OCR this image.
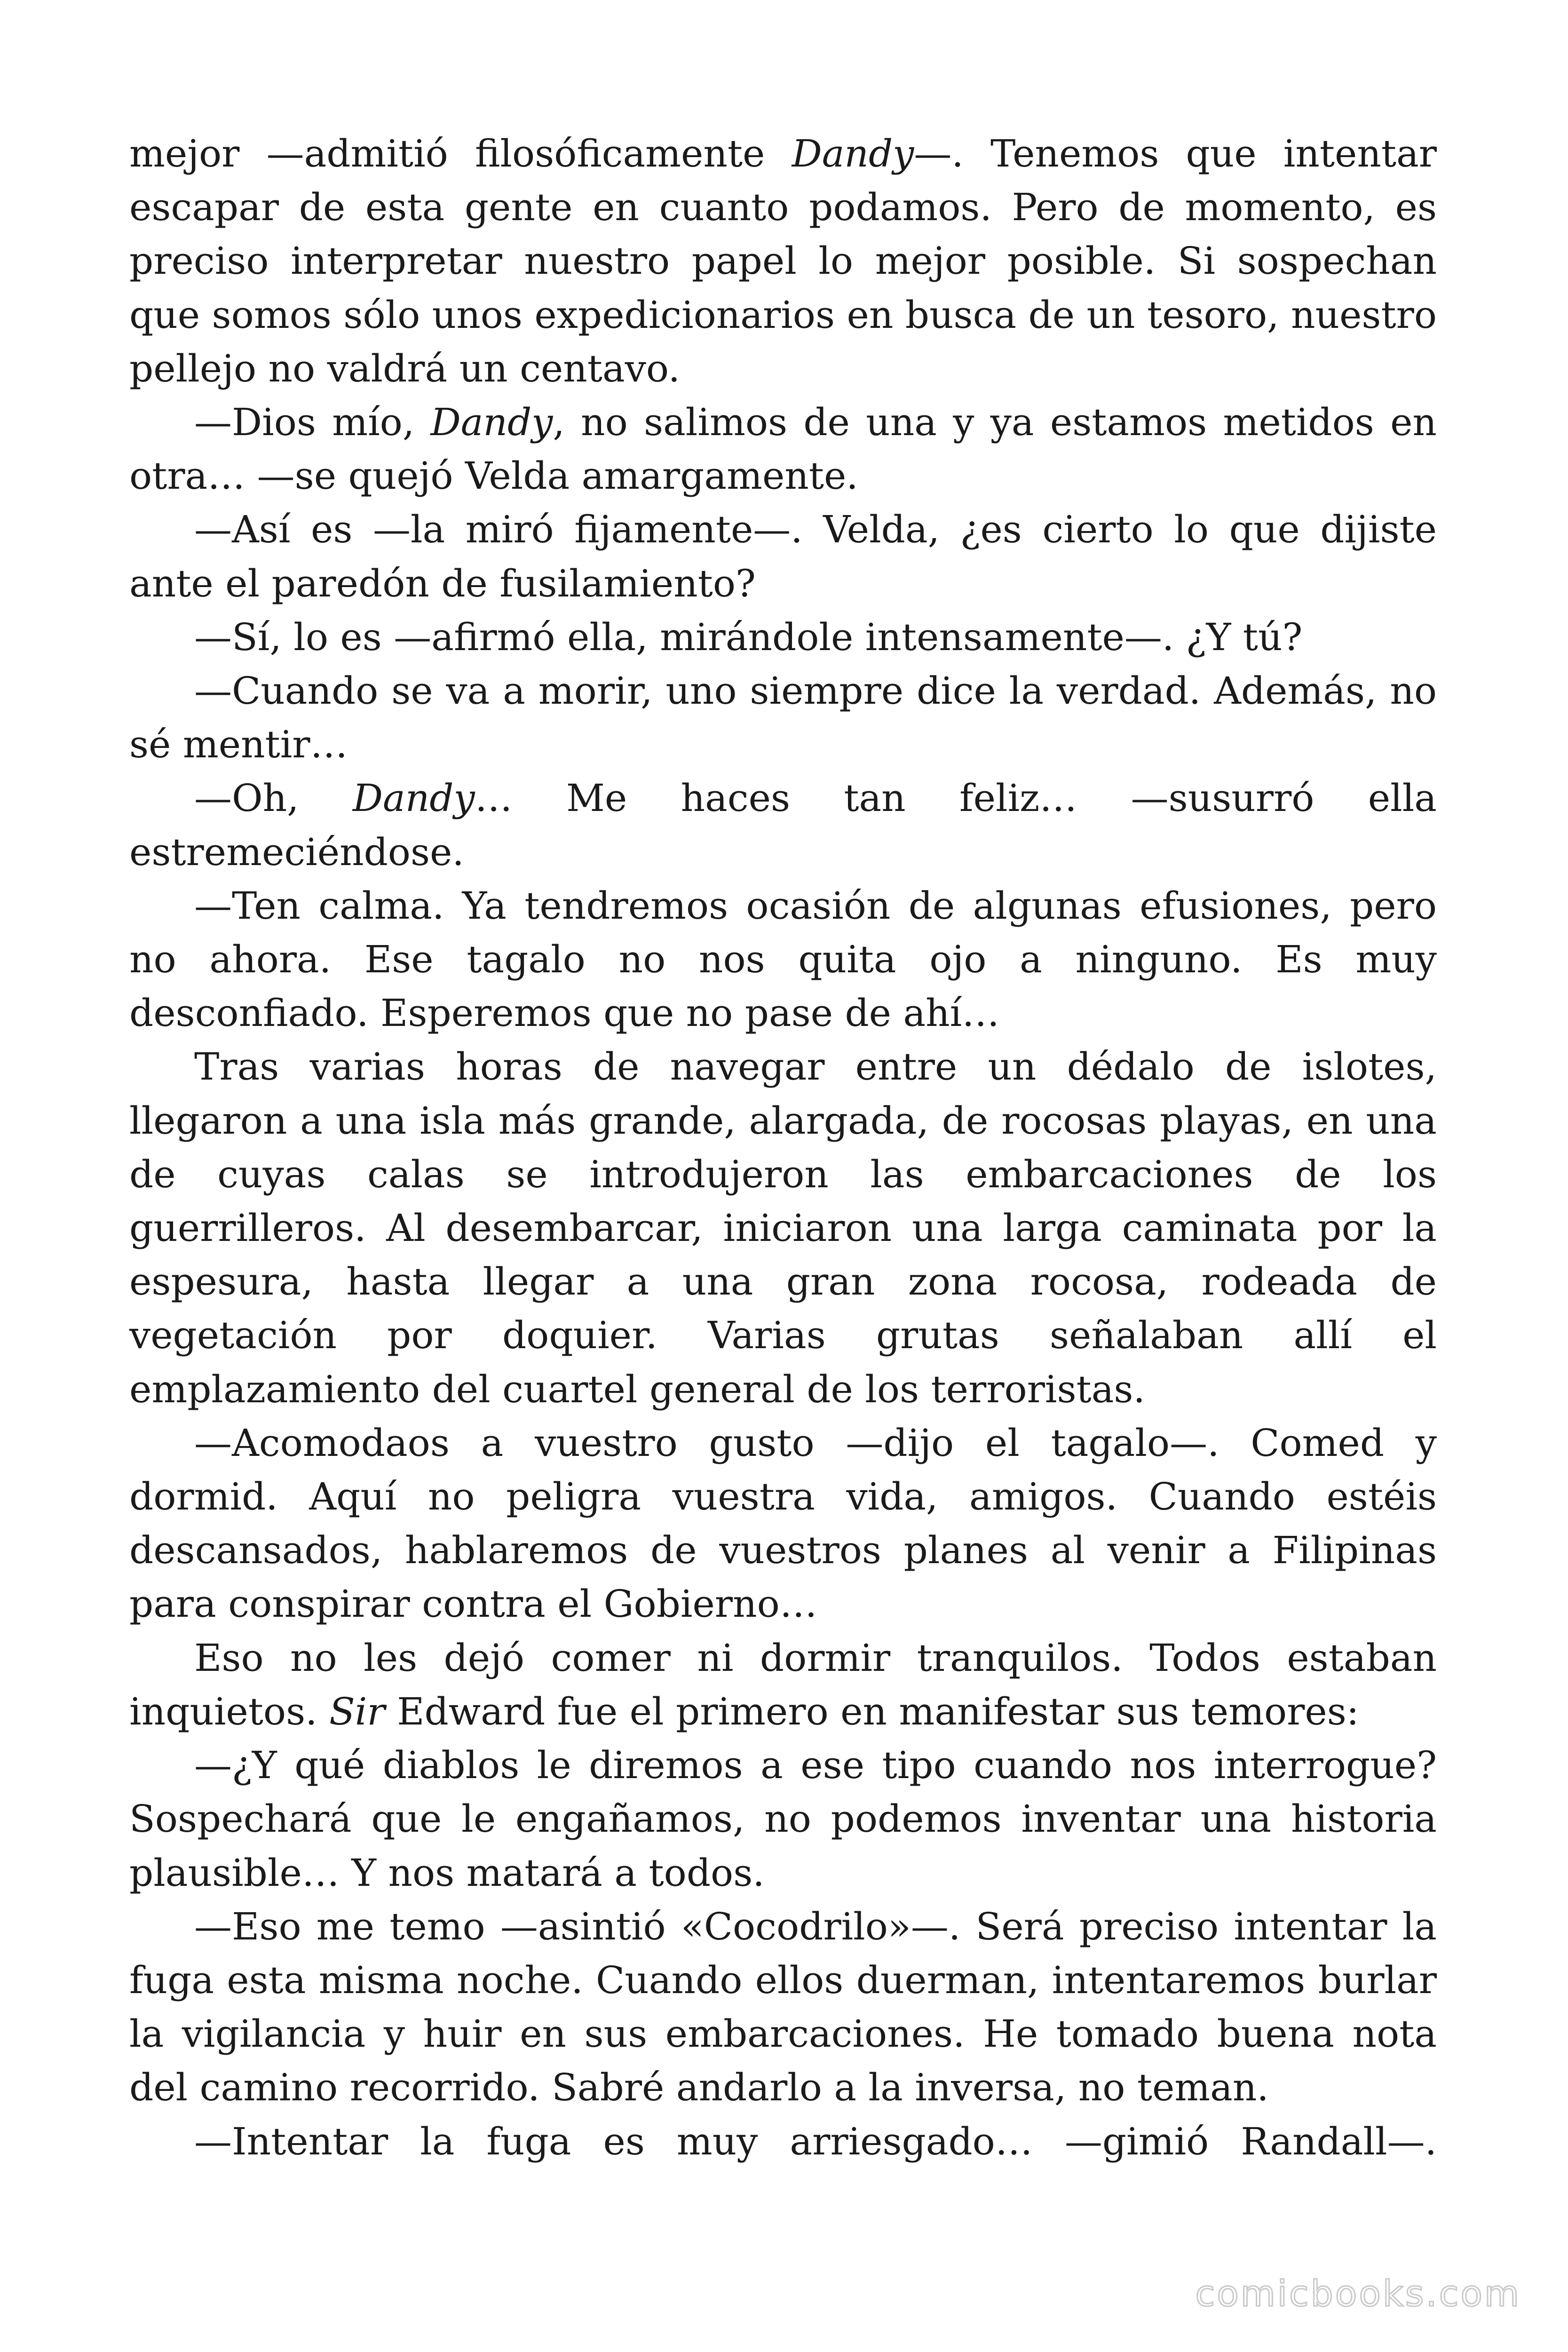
mejor —admitió filosóficamente Dandy—. Tenemos que intentar escapar de esta gente en cuanto podamos. Pero de momento, es preciso interpretar nuestro papel lo mejor posible. Si sospechan que somos sólo unos expedicionarios en busca de un tesoro, nuestro pellejo no valdrá un centavo.

—Dios mío, Dandy, no salimos de una y ya estamos metidos en otra… —se quejó Velda amargamente.

—Así es —la miró fijamente—. Velda, ¿es cierto lo que dijiste ante el paredón de fusilamiento?

—Sí, lo es —afirmó ella, mirándole intensamente—. ¿Y tú?

—Cuando se va a morir, uno siempre dice la verdad. Además, no sé mentir…

—Oh, Dandy… Me haces tan feliz… —susurró ella estremeciéndose.

—Ten calma. Ya tendremos ocasión de algunas efusiones, pero no ahora. Ese tagalo no nos quita ojo a ninguno. Es muy desconfiado. Esperemos que no pase de ahí…

Tras varias horas de navegar entre un dédalo de islotes, llegaron a una isla más grande, alargada, de rocosas playas, en una de cuyas calas se introdujeron las embarcaciones de los guerrilleros. Al desembarcar, iniciaron una larga caminata por la espesura, hasta llegar a una gran zona rocosa, rodeada de vegetación por doquier. Varias grutas señalaban allí el emplazamiento del cuartel general de los terroristas.

—Acomodaos a vuestro gusto —dijo el tagalo—. Comed y dormid. Aquí no peligra vuestra vida, amigos. Cuando estéis descansados, hablaremos de vuestros planes al venir a Filipinas para conspirar contra el Gobierno…

Eso no les dejó comer ni dormir tranquilos. Todos estaban inquietos. Sir Edward fue el primero en manifestar sus temores:

—¿Y qué diablos le diremos a ese tipo cuando nos interrogue? Sospechará que le engañamos, no podemos inventar una historia plausible… Y nos matará a todos.

—Eso me temo —asintió «Cocodrilo»—. Será preciso intentar la fuga esta misma noche. Cuando ellos duerman, intentaremos burlar la vigilancia y huir en sus embarcaciones. He tomado buena nota del camino recorrido. Sabré andarlo a la inversa, no teman.

—Intentar la fuga es muy arriesgado… —gimió Randall—.

comicbooks.com
